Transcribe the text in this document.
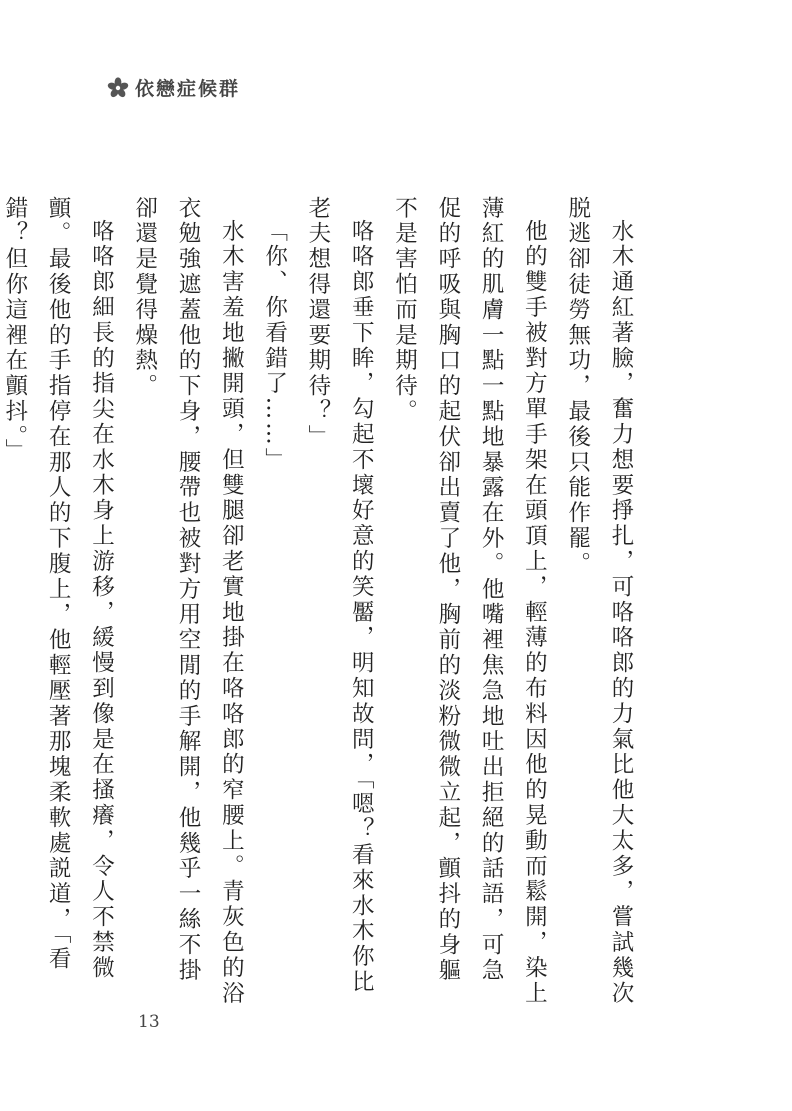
依戀症候群

水木通紅著臉，奮力想要掙扎，可咯咯郎的力氣比他大太多，嘗試幾次脱逃卻徒勞無功，最後只能作罷。

他的雙手被對方單手架在頭頂上，輕薄的布料因他的晃動而鬆開，染上薄紅的肌膚一點一點地暴露在外。他嘴裡焦急地吐出拒絕的話語，可急促的呼吸與胸口的起伏卻出賣了他，胸前的淡粉微微立起，顫抖的身軀不是害怕而是期待。

咯咯郎垂下眸，勾起不壞好意的笑靨，明知故問，「嗯？看來水木你比老夫想得還要期待？」

「你、你看錯了……」

水木害羞地撇開頭，但雙腿卻老實地掛在咯咯郎的窄腰上。青灰色的浴衣勉強遮蓋他的下身，腰帶也被對方用空閒的手解開，他幾乎一絲不掛卻還是覺得燥熱。

咯咯郎細長的指尖在水木身上游移，緩慢到像是在搔癢，令人不禁微顫。最後他的手指停在那人的下腹上，他輕壓著那塊柔軟處説道，「看錯？但你這裡在顫抖。」

13
